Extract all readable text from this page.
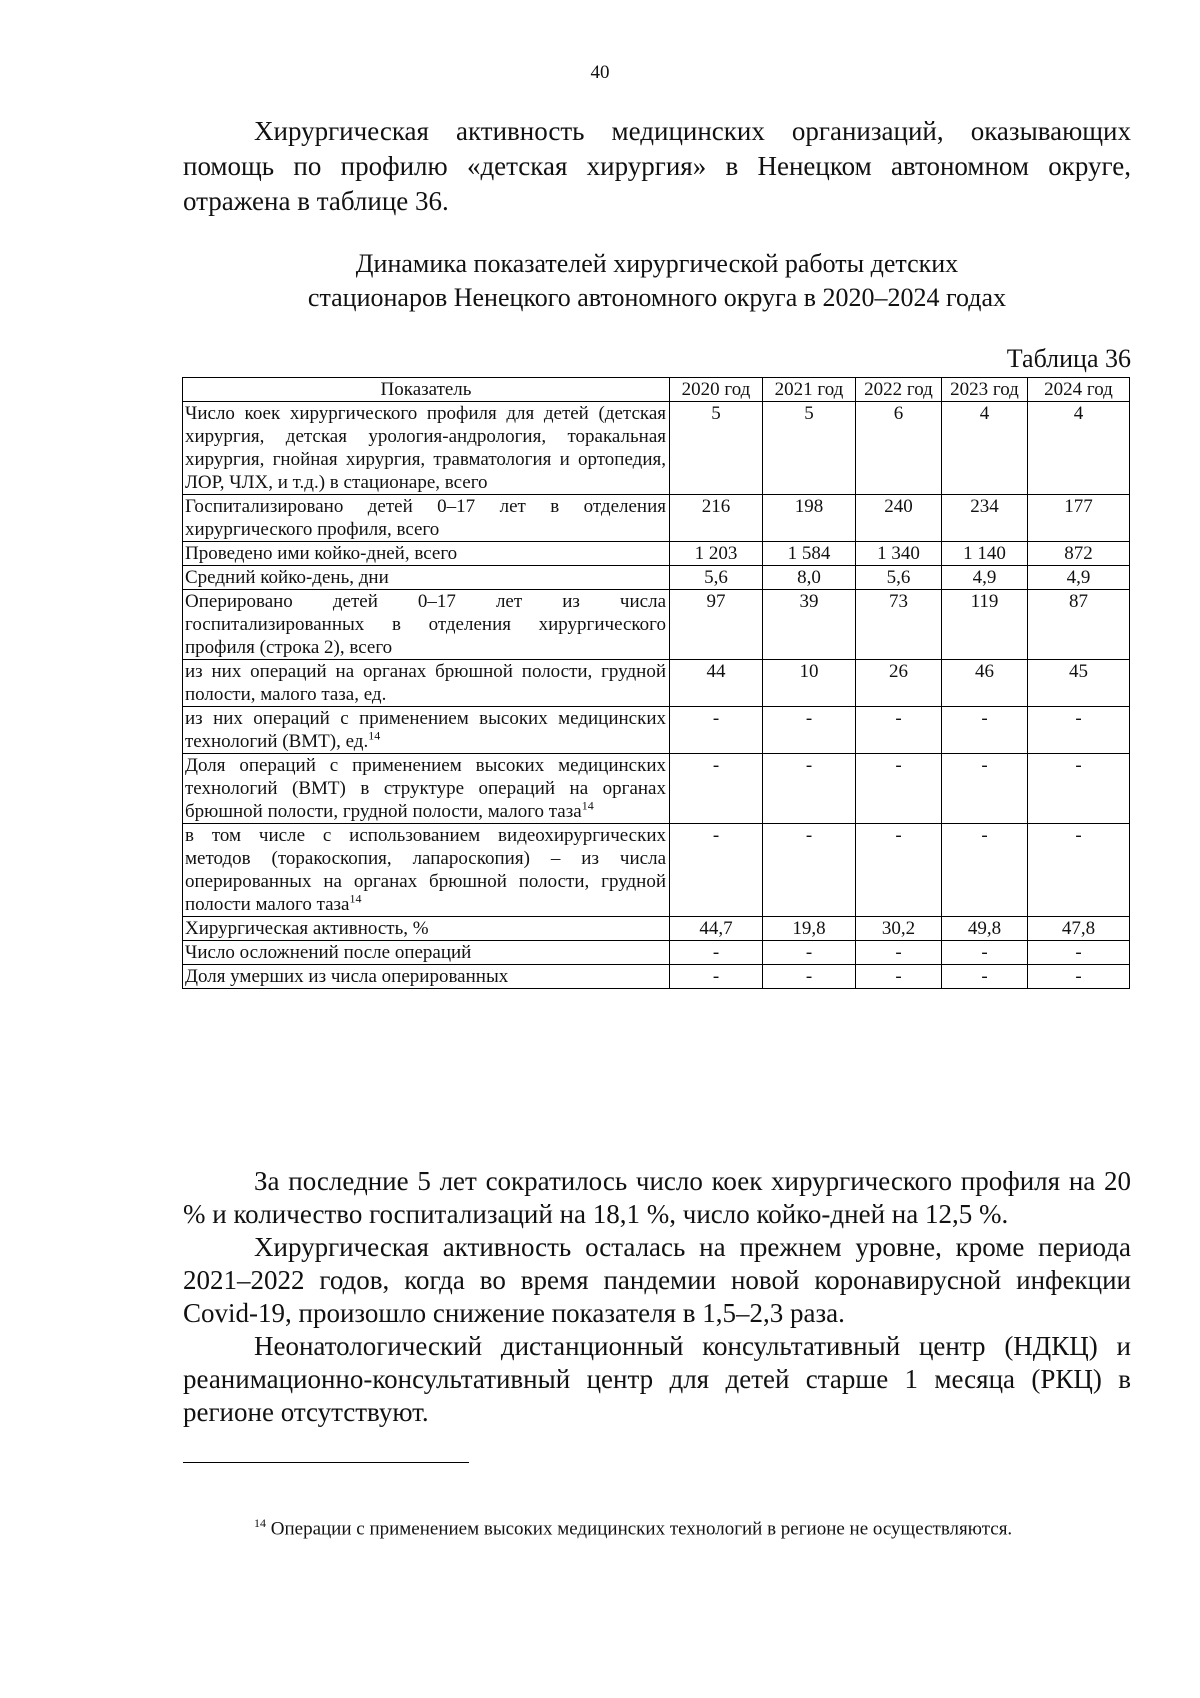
40

Хирургическая активность медицинских организаций, оказывающих помощь по профилю «детская хирургия» в Ненецком автономном округе, отражена в таблице 36.

Динамика показателей хирургической работы детских
стационаров Ненецкого автономного округа в 2020–2024 годах
Таблица 36
Показатель	2020 год	2021 год	2022 год	2023 год	2024 год
Число коек хирургического профиля для детей (детская хирургия, детская урология-андрология, торакальная хирургия, гнойная хирургия, травматология и ортопедия, ЛОР, ЧЛХ, и т.д.) в стационаре, всего	5	5	6	4	4
Госпитализировано детей 0–17 лет в отделения хирургического профиля, всего	216	198	240	234	177
Проведено ими койко-дней, всего	1 203	1 584	1 340	1 140	872
Средний койко-день, дни	5,6	8,0	5,6	4,9	4,9
Оперировано детей 0–17 лет из числа госпитализированных в отделения хирургического профиля (строка 2), всего	97	39	73	119	87
из них операций на органах брюшной полости, грудной полости, малого таза, ед.	44	10	26	46	45
из них операций с применением высоких медицинских технологий (ВМТ), ед.$^{14}$	-	-	-	-	-
Доля операций с применением высоких медицинских технологий (ВМТ) в структуре операций на органах брюшной полости, грудной полости, малого таза$^{14}$	-	-	-	-	-
в том числе с использованием видеохирургических методов (торакоскопия, лапароскопия) – из числа оперированных на органах брюшной полости, грудной полости малого таза$^{14}$	-	-	-	-	-
Хирургическая активность, %	44,7	19,8	30,2	49,8	47,8
Число осложнений после операций	-	-	-	-	-
Доля умерших из числа оперированных	-	-	-	-	-

За последние 5 лет сократилось число коек хирургического профиля на 20 % и количество госпитализаций на 18,1 %, число койко-дней на 12,5 %.

Хирургическая активность осталась на прежнем уровне, кроме периода 2021–2022 годов, когда во время пандемии новой коронавирусной инфекции Covid-19, произошло снижение показателя в 1,5–2,3 раза.

Неонатологический дистанционный консультативный центр (НДКЦ) и реанимационно-консультативный центр для детей старше 1 месяца (РКЦ) в регионе отсутствуют.

$^{14}$ Операции с применением высоких медицинских технологий в регионе не осуществляются.
